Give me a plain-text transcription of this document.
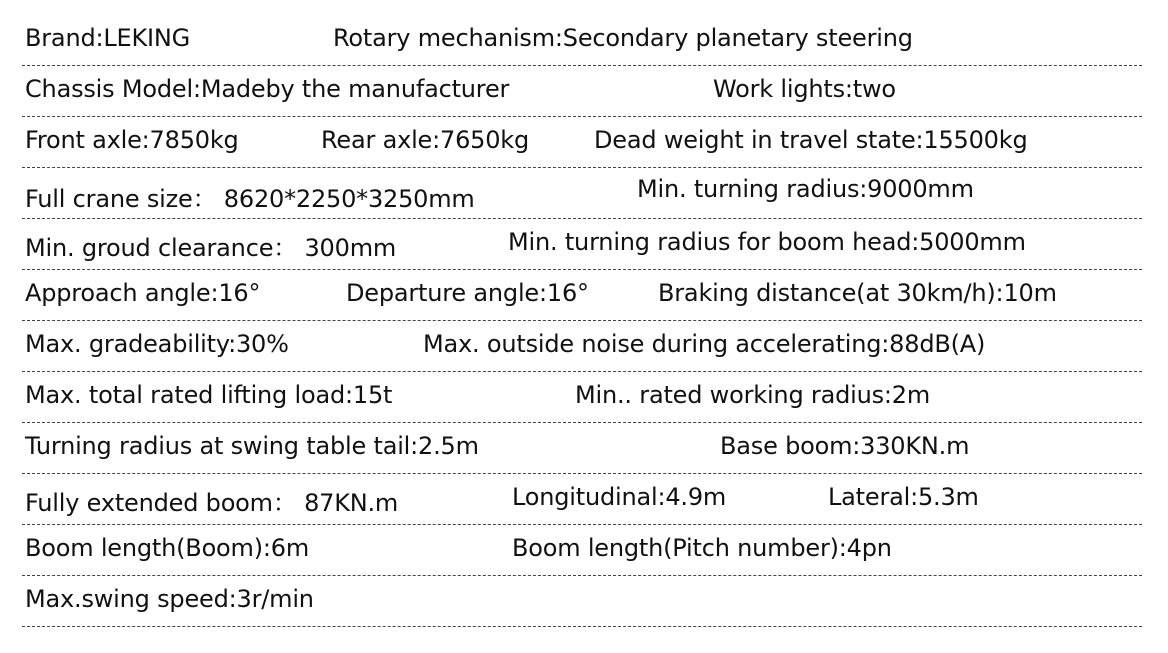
Brand:LEKING	Rotary mechanism:Secondary planetary steering
Chassis Model:Madeby the manufacturer	Work lights:two
Front axle:7850kg	Rear axle:7650kg	Dead weight in travel state:15500kg
Full crane size： 8620*2250*3250mm	Min. turning radius:9000mm
Min. groud clearance： 300mm	Min. turning radius for boom head:5000mm
Approach angle:16°	Departure angle:16°	Braking distance(at 30km/h):10m
Max. gradeability:30%	Max. outside noise during accelerating:88dB(A)
Max. total rated lifting load:15t	Min.. rated working radius:2m
Turning radius at swing table tail:2.5m	Base boom:330KN.m
Fully extended boom： 87KN.m	Longitudinal:4.9m	Lateral:5.3m
Boom length(Boom):6m	Boom length(Pitch number):4pn
Max.swing speed:3r/min
